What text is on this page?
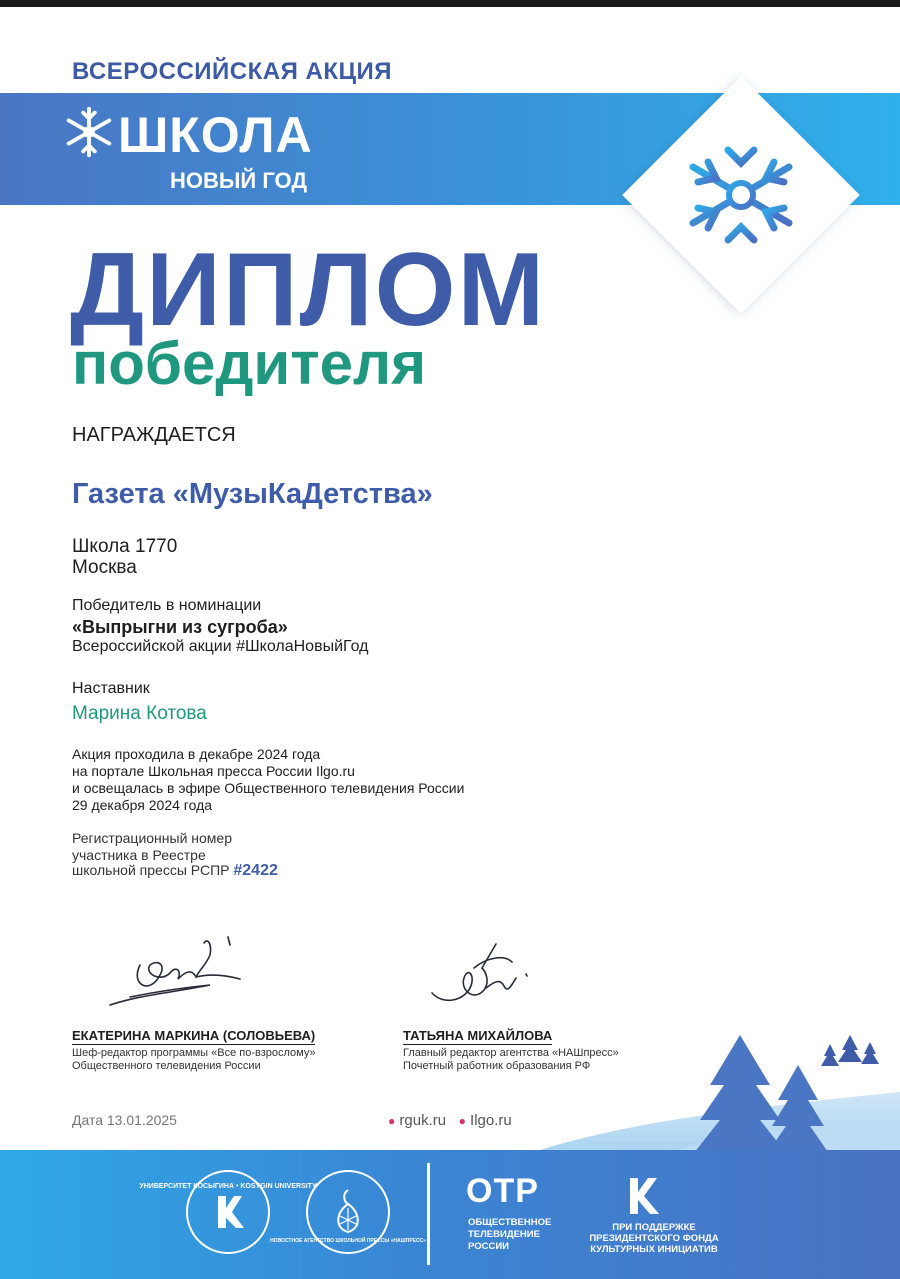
ВСЕРОССИЙСКАЯ АКЦИЯ
ШКОЛА
НОВЫЙ ГОД
ДИПЛОМ
победителя
НАГРАЖДАЕТСЯ
Газета «МузыКаДетства»
Школа 1770
Москва
Победитель в номинации
«Выпрыгни из сугроба»
Всероссийской акции #ШколаНовыйГод
Наставник
Марина Котова
Акция проходила в декабре 2024 года
на портале Школьная пресса России Ilgo.ru
и освещалась в эфире Общественного телевидения России
29 декабря 2024 года
Регистрационный номер
участника в Реестре
школьной прессы РСПР #2422
ЕКАТЕРИНА МАРКИНА (СОЛОВЬЕВА)
Шеф-редактор программы «Все по-взрослому»
Общественного телевидения России
ТАТЬЯНА МИХАЙЛОВА
Главный редактор агентства «НАШпресс»
Почетный работник образования РФ
Дата 13.01.2025	● rguk.ru ● Ilgo.ru
УНИВЕРСИТЕТ КОСЫГИНА • KOSYGIN UNIVERSITY
НОВОСТНОЕ АГЕНТСТВО ШКОЛЬНОЙ ПРЕССЫ «НАШПРЕСС»
ОТР
ОБЩЕСТВЕННОЕ
ТЕЛЕВИДЕНИЕ
РОССИИ
ПРИ ПОДДЕРЖКЕ
ПРЕЗИДЕНТСКОГО ФОНДА
КУЛЬТУРНЫХ ИНИЦИАТИВ
